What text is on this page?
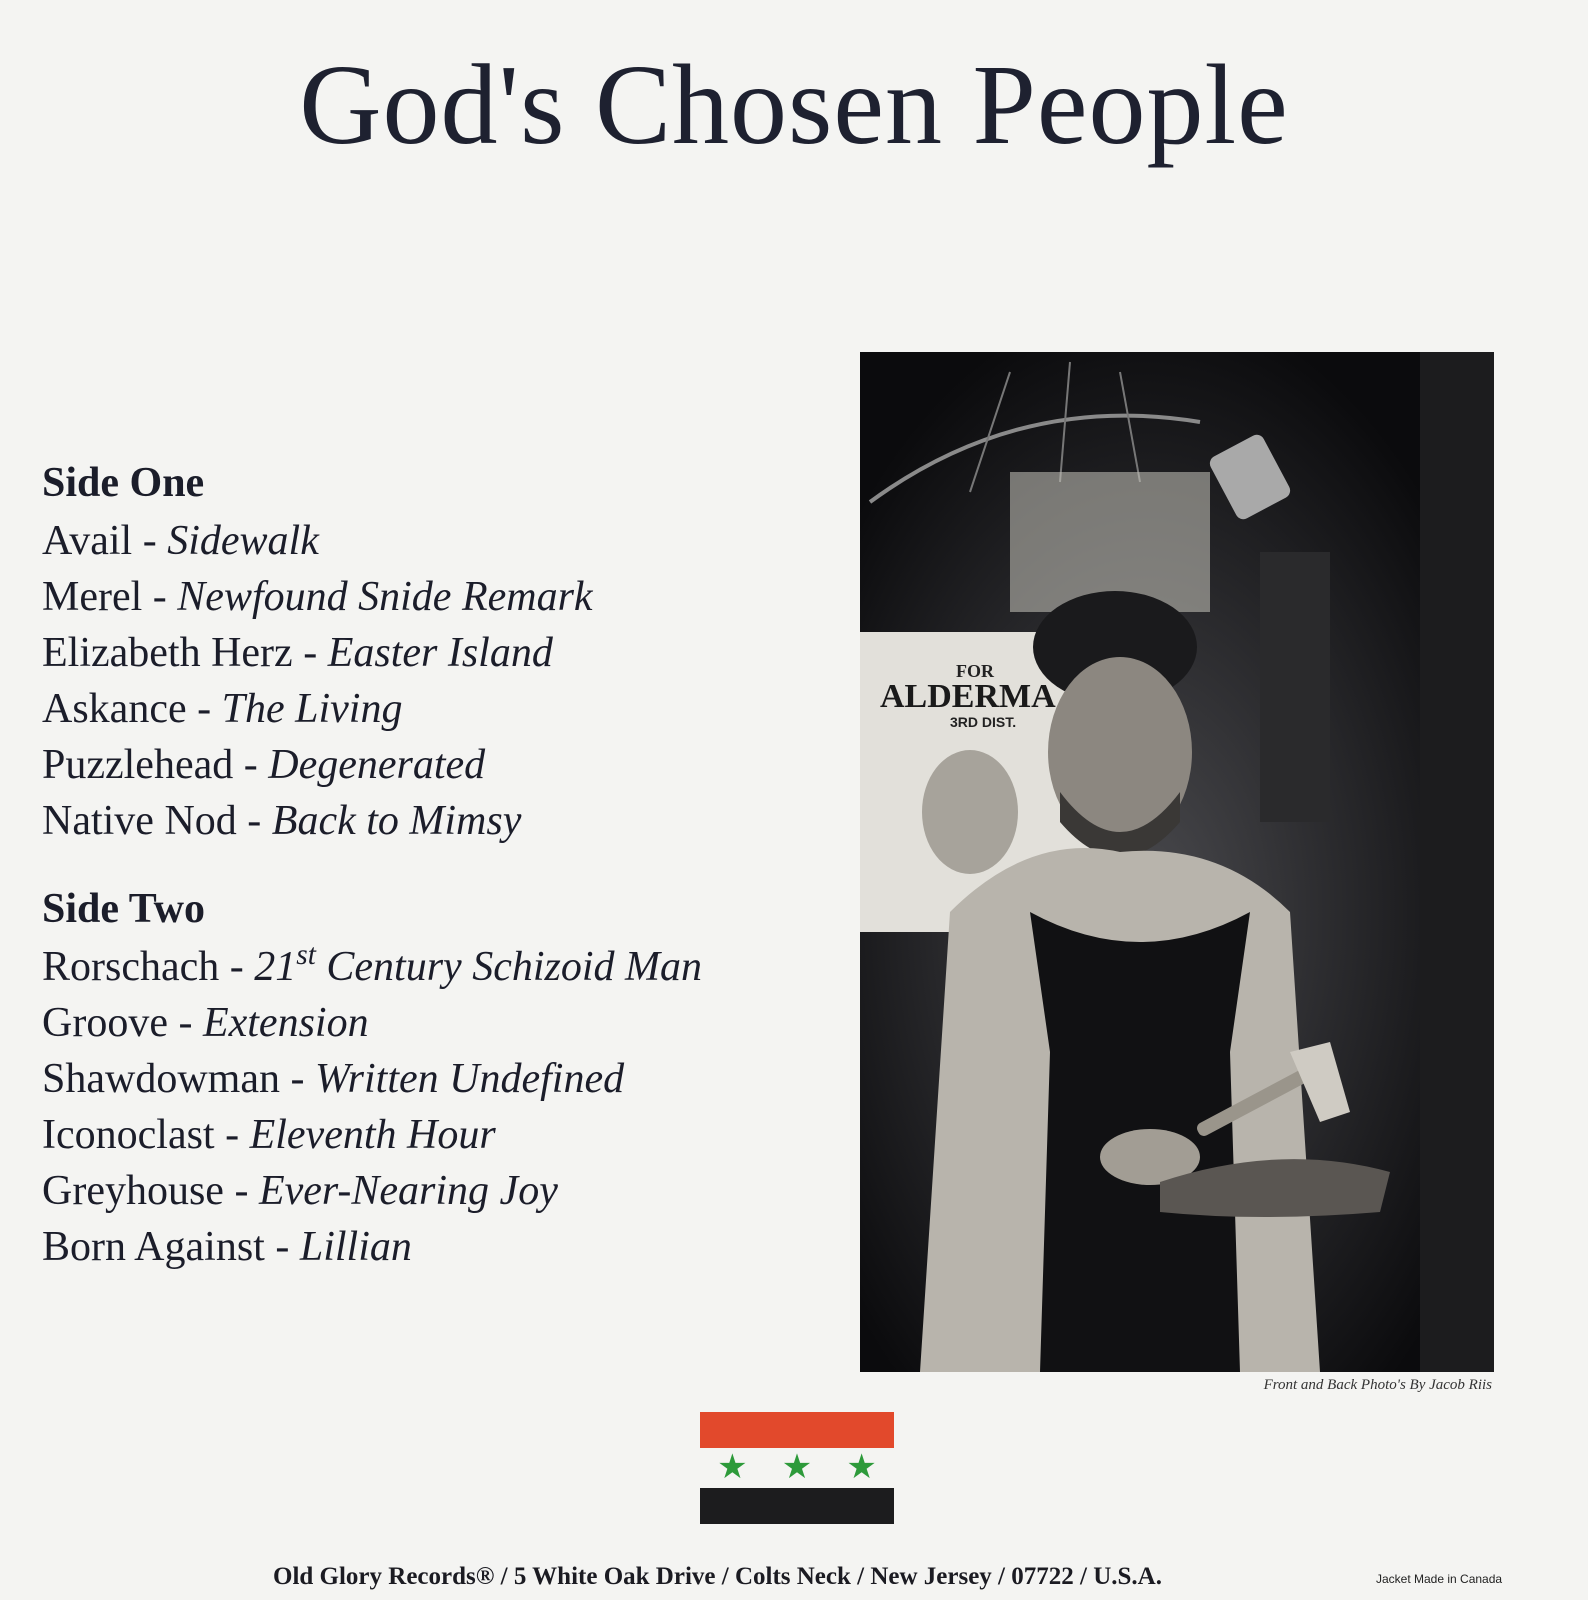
God's Chosen People
Side One
Avail - Sidewalk
Merel - Newfound Snide Remark
Elizabeth Herz - Easter Island
Askance - The Living
Puzzlehead - Degenerated
Native Nod - Back to Mimsy
Side Two
Rorschach - 21st Century Schizoid Man
Groove - Extension
Shawdowman - Written Undefined
Iconoclast - Eleventh Hour
Greyhouse - Ever-Nearing Joy
Born Against - Lillian
FOR
ALDERMA
3RD DIST.
Front and Back Photo's By Jacob Riis
★ ★ ★
Old Glory Records® / 5 White Oak Drive / Colts Neck / New Jersey / 07722 / U.S.A.	Jacket Made in Canada
